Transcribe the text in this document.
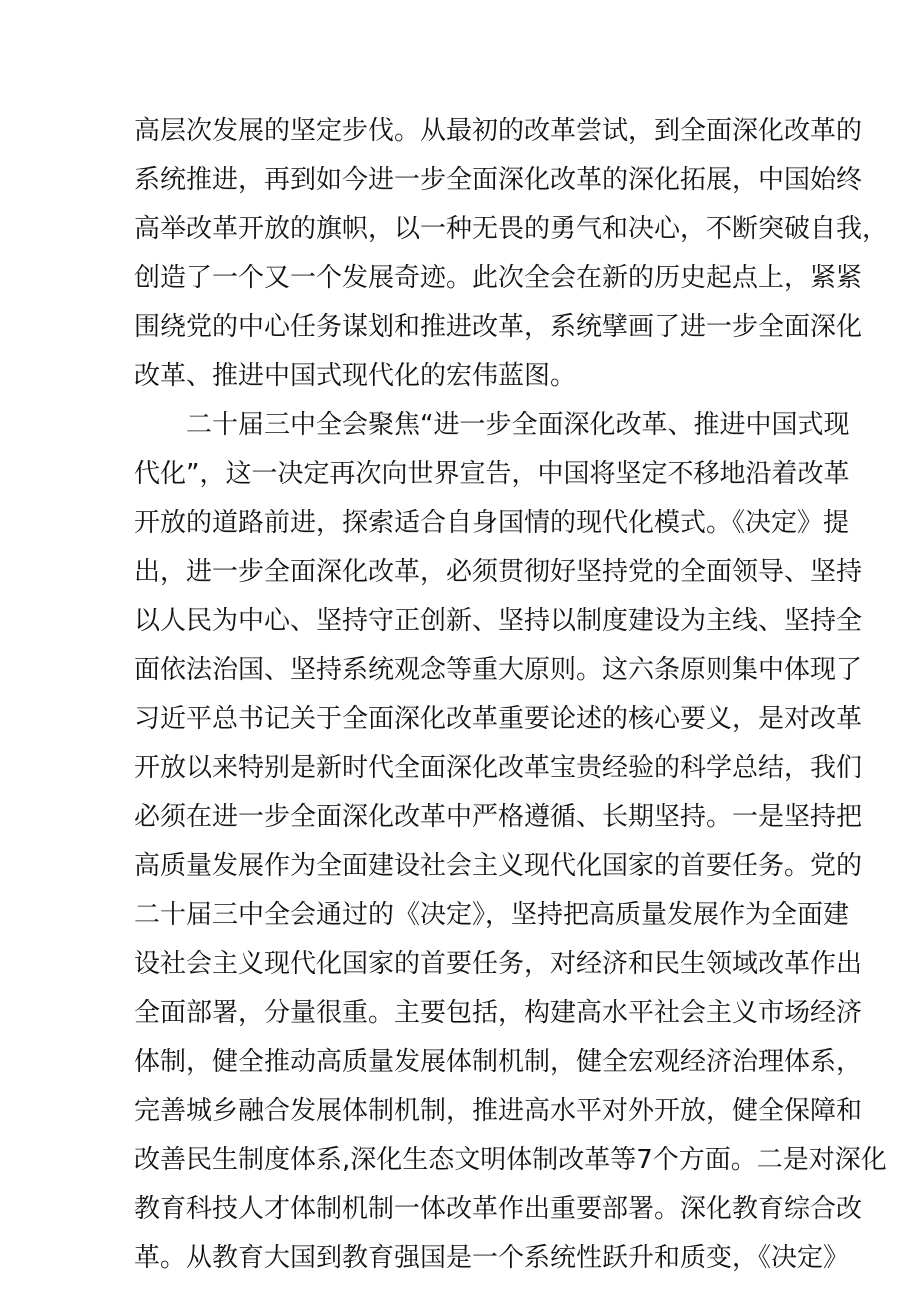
高层次发展的坚定步伐。从最初的改革尝试，到全面深化改革的
系统推进，再到如今进一步全面深化改革的深化拓展，中国始终
高举改革开放的旗帜，以一种无畏的勇气和决心，不断突破自我，
创造了一个又一个发展奇迹。此次全会在新的历史起点上，紧紧
围绕党的中心任务谋划和推进改革，系统擘画了进一步全面深化
改革、推进中国式现代化的宏伟蓝图。
二十届三中全会聚焦“进一步全面深化改革、推进中国式现
代化”，这一决定再次向世界宣告，中国将坚定不移地沿着改革
开放的道路前进，探索适合自身国情的现代化模式。《决定》提
出，进一步全面深化改革，必须贯彻好坚持党的全面领导、坚持
以人民为中心、坚持守正创新、坚持以制度建设为主线、坚持全
面依法治国、坚持系统观念等重大原则。这六条原则集中体现了
习近平总书记关于全面深化改革重要论述的核心要义，是对改革
开放以来特别是新时代全面深化改革宝贵经验的科学总结，我们
必须在进一步全面深化改革中严格遵循、长期坚持。一是坚持把
高质量发展作为全面建设社会主义现代化国家的首要任务。党的
二十届三中全会通过的《决定》，坚持把高质量发展作为全面建
设社会主义现代化国家的首要任务，对经济和民生领域改革作出
全面部署，分量很重。主要包括，构建高水平社会主义市场经济
体制，健全推动高质量发展体制机制，健全宏观经济治理体系，
完善城乡融合发展体制机制，推进高水平对外开放，健全保障和
改善民生制度体系,深化生态文明体制改革等7个方面。二是对深化
教育科技人才体制机制一体改革作出重要部署。深化教育综合改
革。从教育大国到教育强国是一个系统性跃升和质变，《决定》
